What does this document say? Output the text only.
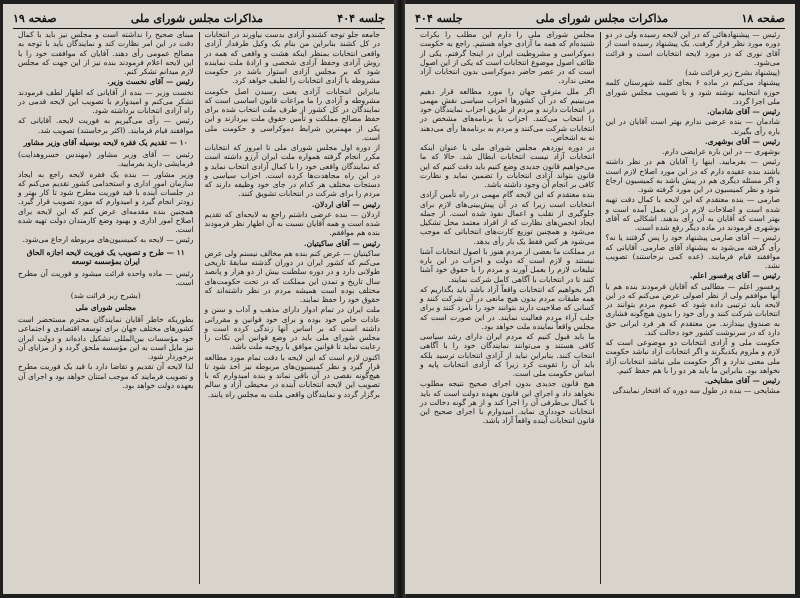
جلسه ۴۰۴
مذاکرات مجلس شورای ملی
صفحه ۱۹

جامعه جلو توجه کشندو آزادی بدست بیاورند در انتخابات در کل کشند بنابراین من بنام یک وکیل طرفدار آزادی واقعی انتخابات بمنظر اینکه هشت و واقعی که همه در روش آزادی وحفظ آزادی شخصی و ارادهٔ ملت نماینده شود که بر مجلس آزادی استوار باشد در حکومت مشروطه با آزادی انتخابات را لطیف خواهد کرد.

بنابراین انتخابات آزادی یعنی رسیدن اصل حکومت مشروطه و آزادی را ما مراعات قانون اساسی است که نمایندگان در کل کشور از طرف ملت انتخاب شده برای حفظ مصالح مملکت و تأمین حقوق ملت بپردازند و این یکی از مهمترین شرایط دموکراسی و حکومت ملی است.

از دوره اول مجلس شورای ملی تا امروز که انتخابات مکرر انجام گرفته همواره ملت ایران آرزو داشته است که نمایندگان واقعی خود را با کمال آزادی انتخاب نماید و در این راه مجاهدت‌ها کرده است. احزاب سیاسی و دستجات مختلف هر کدام در جای خود وظیفه دارند که مردم را برای شرکت در انتخابات تشویق کنند.

رئیس — آقای اردلان.

اردلان — بنده عرضی داشتم راجع به لایحه‌ای که تقدیم شده است و همه آقایان نسبت به آن اظهار نظر فرمودند بنده هم موافقم.

رئیس — آقای ساکیتیان.

ساکیتیان — عرض کنم بنده هم مخالف نیستم ولی عرض می‌کنم که کشور ایران در دوران گذشته سابقهٔ تاریخی طولانی دارد و در دوره سلطنت بیش از دو هزار و پانصد سال تاریخ و تمدن این مملکت که در تحت حکومت‌های مختلف بوده است همیشه مردم در نظر داشته‌اند که حقوق خود را حفظ نمایند.

ملت ایران در تمام ادوار دارای مذهب و آداب و سنن و عادات خاص خود بوده و برای خود قوانین و مقرراتی داشته است که بر اساس آنها زندگی کرده است و مجلس شورای ملی باید در وضع قوانین این نکات را رعایت نماید تا قوانین موافق با روحیه ملت باشد.

اکنون لازم است که این لایحه با دقت تمام مورد مطالعه قرار گیرد و نظر کمیسیون‌های مربوطه نیز اخذ شود تا هیچ‌گونه نقصی در آن باقی نماند و بنده امیدوارم که با تصویب این لایحه انتخابات آینده در محیطی آزاد و سالم برگزار گردد و نمایندگان واقعی ملت به مجلس راه یابند.

مبنای صحیح را نداشته است و مجلس نیز باید با کمال دقت در این امر نظارت کند و نمایندگان باید با توجه به مصالح عمومی رأی دهند. آقایان که موافقت خود را با این لایحه اعلام فرمودند بنده نیز از این جهت که مجلس لازم میدانم تشکر کنم.

رئیس — آقای نخست وزیر.

نخست وزیر — بنده از آقایانی که اظهار لطف فرمودند تشکر می‌کنم و امیدوارم با تصویب این لایحه قدمی در راه آزادی انتخابات برداشته شود.

رئیس — رأی می‌گیریم به فوریت لایحه. آقایانی که موافقند قیام فرمایند. (اکثر برخاستند) تصویب شد.

۱۰ — تقدیم یک فقره لایحه بوسیله آقای وزیر مشاور

رئیس — آقای وزیر مشاور (مهندس خسروهدایت) فرمایشی دارید بفرمایید.

وزیر مشاور — بنده یک فقره لایحه راجع به ایجاد سازمان امور اداری و استخدامی کشور تقدیم می‌کنم که در جلسات آینده با قید فوریت مطرح شود تا کار بهتر و زودتر انجام گیرد و امیدوارم که مورد تصویب قرار گیرد. همچنین بنده مقدمه‌ای عرض کنم که این لایحه برای اصلاح امور اداری و بهبود وضع کارمندان دولت تهیه شده است.

رئیس — لایحه به کمیسیون‌های مربوطه ارجاع می‌شود.

۱۱ — طرح و تصویب یک فوریت لایحه اجازه الحاق ایران بمؤسسه توسعه

رئیس — ماده واحده قرائت میشود و فوریت آن مطرح است.

(بشرح زیر قرائت شد)

مجلس شورای ملی

بطوریکه خاطر آقایان نمایندگان محترم مستحضر است کشورهای مختلف جهان برای توسعه اقتصادی و اجتماعی خود مؤسسات بین‌المللی تشکیل داده‌اند و دولت ایران نیز مایل است به این مؤسسه ملحق گردد و از مزایای آن برخوردار شود.

لذا لایحه آن تقدیم و تقاضا دارد با قید یک فوریت مطرح و تصویب فرمایند که موجب امتنان خواهد بود و اجرای آن بعهده دولت خواهد بود.

صفحه ۱۸
مذاکرات مجلس شورای ملی
جلسه ۴۰۴

رئیس — پیشنهادهائی که در این لایحه رسیده ولی در دو دوره مورد نظر قرار گرفت. یک پیشنهاد رسیده است از آقای نوری که در مورد لایحه انتخابات است و قرائت می‌شود.

(پیشنهاد بشرح زیر قرائت شد)

پیشنهاد می‌کنم در ماده ۶ بجای کلمه شهرستان کلمه حوزه انتخابیه نوشته شود و با تصویب مجلس شورای ملی اجرا گردد.

رئیس — آقای شادمان.

شادمان — بنده عرضی ندارم بهتر است آقایان در این باره رأی بگیرند.

رئیس — آقای بوشهری.

بوشهری — در این باره عرایضی دارم.

رئیس — بفرمایید. اینها را آقایان هم در نظر داشته باشند بنده عقیده دارم که در این مورد اصلاح لازم است و اگر مسئله دیگری هم در پیش باشد به کمیسیون ارجاع شود و نظر کمیسیون در این مورد گرفته شود.

صارمی — بنده معتقدم که این لایحه با کمال دقت تهیه شده است و اصلاحات لازم در آن بعمل آمده است و بهتر است که آقایان به آن رأی بدهند. اشکالی که آقای بوشهری فرمودند در ماده دیگر رفع شده است.

رئیس — آقای صارمی پیشنهاد خود را پس گرفتند یا نه؟ رأی گرفته می‌شود به پیشنهاد آقای صارمی. آقایانی که موافقند قیام فرمایند. (عده کمی برخاستند) تصویب نشد.

رئیس — آقای پرفسور اعلم.

پرفسور اعلم — مطالبی که آقایان فرمودند بنده هم با آنها موافقم ولی از نظر اصولی عرض می‌کنم که در این لایحه باید ترتیبی داده شود که عموم مردم بتوانند در انتخابات شرکت کنند و رأی خود را بدون هیچ‌گونه فشاری به صندوق بیندازند. من معتقدم که هر فرد ایرانی حق دارد که در سرنوشت کشور خود دخالت کند.

حکومت ملی و آزادی انتخابات دو موضوعی است که لازم و ملزوم یکدیگرند و اگر انتخابات آزاد نباشد حکومت ملی معنی ندارد و اگر حکومت ملی نباشد انتخابات آزاد نخواهد بود. بنابراین ما باید هر دو را با هم حفظ کنیم.

رئیس — آقای مشایخی.

مشایخی — بنده در طول سه دوره که افتخار نمایندگی

مجلس شورای ملی را دارم این مطلب را بکرات شنیده‌ام که همه ما آزادی خواه هستیم. راجع به حکومت دموکراسی و مشروطیت ایران در اینجا گرفتم. یکی از ظائف اصول موضوع انتخابات است که یکی از این اصول است که در عصر حاضر دموکراسی بدون انتخابات آزاد معنی ندارد.

اگر ملل مترقی جهان را مورد مطالعه قرار دهیم می‌بینیم که در آن کشورها احزاب سیاسی نقش مهمی در انتخابات دارند و مردم از طریق احزاب نمایندگان خود را انتخاب می‌کنند. احزاب با برنامه‌های مشخص در انتخابات شرکت می‌کنند و مردم به برنامه‌ها رأی می‌دهند نه به اشخاص.

در دوره نوزدهم مجلس شورای ملی با عنوان اینکه انتخابات آزاد نیست انتخابات ابطال شد. حالا که ما می‌خواهیم قانون جدیدی وضع کنیم باید دقت کنیم که این قانون بتواند آزادی انتخابات را تضمین نماید و نظارت کافی بر انجام آن وجود داشته باشد.

بنده معتقدم که این لایحه گام مهمی در راه تأمین آزادی انتخابات است زیرا که در آن پیش‌بینی‌های لازم برای جلوگیری از تقلب و اعمال نفوذ شده است. از جمله ایجاد انجمن‌های نظارت که از افراد معتمد محل تشکیل می‌شود و همچنین توزیع کارت‌های انتخاباتی که موجب می‌شود هر کس فقط یک بار رأی بدهد.

در مملکت ما بعضی از مردم هنوز با اصول انتخابات آشنا نیستند و لازم است که دولت و احزاب در این باره تبلیغات لازم را بعمل آورند و مردم را با حقوق خود آشنا کنند تا در انتخابات با آگاهی کامل شرکت نمایند.

اگر بخواهیم که انتخابات واقعاً آزاد باشد باید بگذاریم که همه طبقات مردم بدون هیچ مانعی در آن شرکت کنند و کسانی که صلاحیت دارند بتوانند خود را نامزد کنند و برای جلب آراء مردم فعالیت نمایند. در این صورت است که مجلس واقعاً نماینده ملت خواهد بود.

ما باید قبول کنیم که مردم ایران دارای رشد سیاسی کافی هستند و می‌توانند نمایندگان خود را با آگاهی انتخاب کنند. بنابراین نباید از آزادی انتخابات ترسید بلکه باید آن را تقویت کرد زیرا که آزادی انتخابات پایه و اساس حکومت ملی است.

هیچ قانون جدیدی بدون اجرای صحیح نتیجه مطلوب نخواهد داد و اجرای این قانون بعهده دولت است که باید با کمال بی‌طرفی آن را اجرا کند و از هر گونه دخالت در انتخابات خودداری نماید. امیدوارم با اجرای صحیح این قانون انتخابات آینده واقعاً آزاد باشد.
